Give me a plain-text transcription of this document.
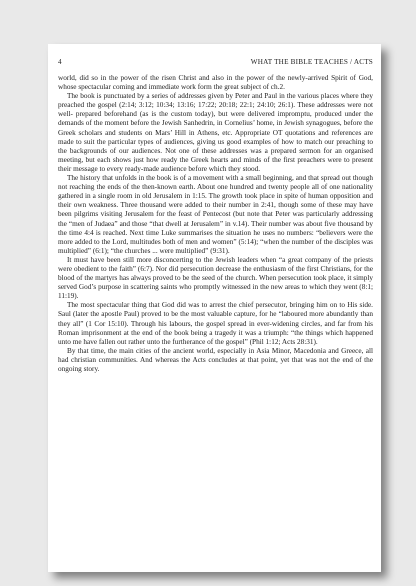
4	WHAT THE BIBLE TEACHES / ACTS

world, did so in the power of the risen Christ and also in the power of the newly-arrived Spirit of God, whose spectacular coming and immediate work form the great subject of ch.2.

The book is punctuated by a series of addresses given by Peter and Paul in the various places where they preached the gospel (2:14; 3:12; 10:34; 13:16; 17:22; 20:18; 22:1; 24:10; 26:1). These addresses were not well- prepared beforehand (as is the custom today), but were delivered impromptu, produced under the demands of the moment before the Jewish Sanhedrin, in Cornelius’ home, in Jewish synagogues, before the Greek scholars and students on Mars’ Hill in Athens, etc. Appropriate OT quotations and references are made to suit the particular types of audiences, giving us good examples of how to match our preaching to the backgrounds of our audiences. Not one of these addresses was a prepared sermon for an organised meeting, but each shows just how ready the Greek hearts and minds of the first preachers were to present their message to every ready-made audience before which they stood.

The history that unfolds in the book is of a movement with a small beginning, and that spread out though not reaching the ends of the then-known earth. About one hundred and twenty people all of one nationality gathered in a single room in old Jerusalem in 1:15. The growth took place in spite of human opposition and their own weakness. Three thousand were added to their number in 2:41, though some of these may have been pilgrims visiting Jerusalem for the feast of Pentecost (but note that Peter was particularly addressing the “men of Judaea” and those “that dwell at Jerusalem” in v.14). Their number was about five thousand by the time 4:4 is reached. Next time Luke summarises the situation he uses no numbers: “believers were the more added to the Lord, multitudes both of men and women” (5:14); “when the number of the disciples was multiplied” (6:1); “the churches ... were multiplied” (9:31).

It must have been still more disconcerting to the Jewish leaders when “a great company of the priests were obedient to the faith” (6:7). Nor did persecution decrease the enthusiasm of the first Christians, for the blood of the martyrs has always proved to be the seed of the church. When persecution took place, it simply served God’s purpose in scattering saints who promptly witnessed in the new areas to which they went (8:1; 11:19).

The most spectacular thing that God did was to arrest the chief persecutor, bringing him on to His side. Saul (later the apostle Paul) proved to be the most valuable capture, for he “laboured more abundantly than they all” (1 Cor 15:10). Through his labours, the gospel spread in ever-widening circles, and far from his Roman imprisonment at the end of the book being a tragedy it was a triumph: “the things which happened unto me have fallen out rather unto the furtherance of the gospel” (Phil 1:12; Acts 28:31).

By that time, the main cities of the ancient world, especially in Asia Minor, Macedonia and Greece, all had christian communities. And whereas the Acts concludes at that point, yet that was not the end of the ongoing story.
